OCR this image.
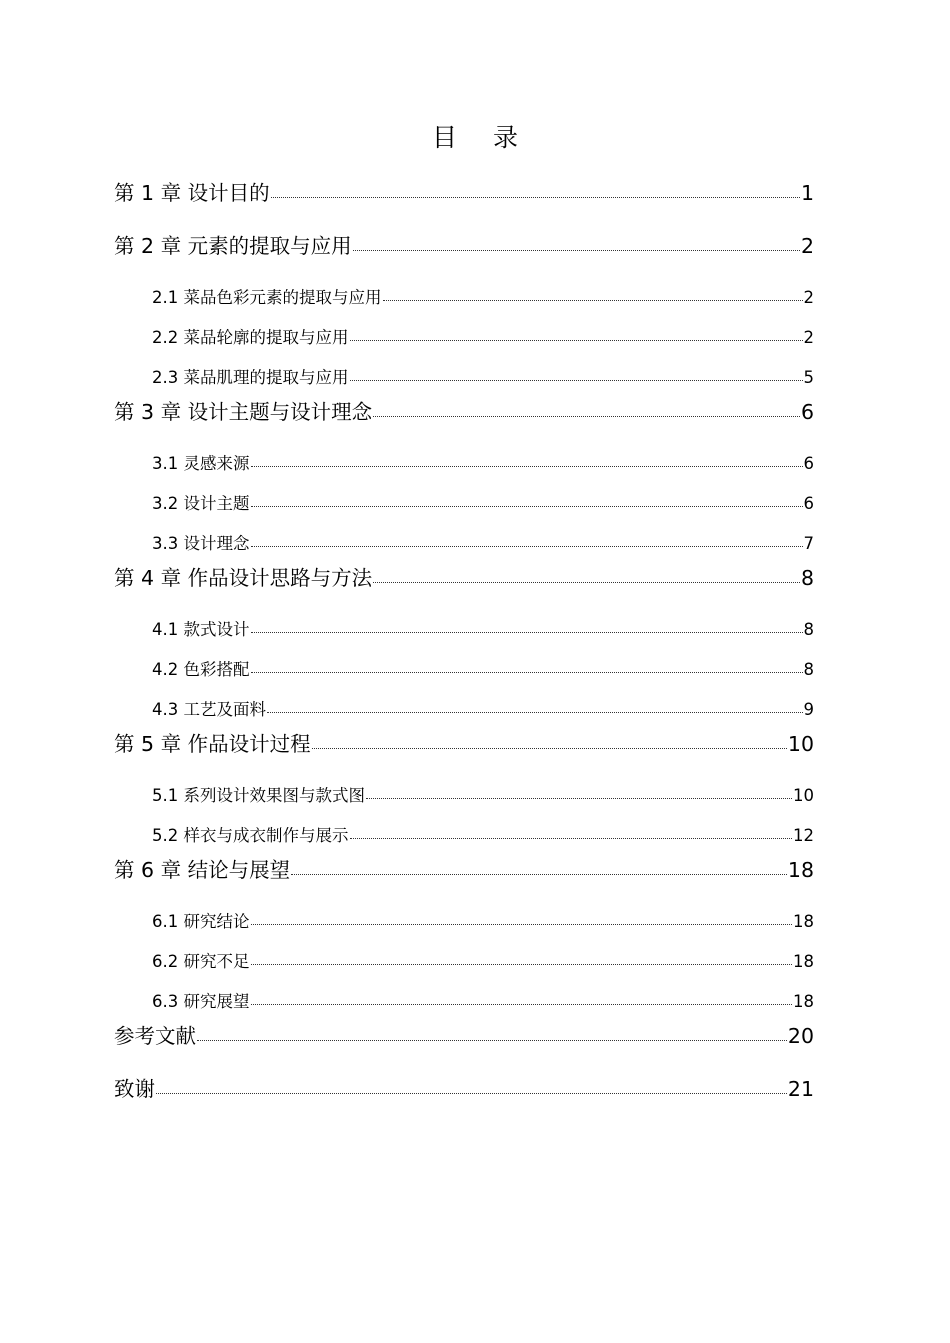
目 录
第 1 章 设计目的	1
第 2 章 元素的提取与应用	2
2.1 菜品色彩元素的提取与应用	2
2.2 菜品轮廓的提取与应用	2
2.3 菜品肌理的提取与应用	5
第 3 章 设计主题与设计理念	6
3.1 灵感来源	6
3.2 设计主题	6
3.3 设计理念	7
第 4 章 作品设计思路与方法	8
4.1 款式设计	8
4.2 色彩搭配	8
4.3 工艺及面料	9
第 5 章 作品设计过程	10
5.1 系列设计效果图与款式图	10
5.2 样衣与成衣制作与展示	12
第 6 章 结论与展望	18
6.1 研究结论	18
6.2 研究不足	18
6.3 研究展望	18
参考文献	20
致谢	21
